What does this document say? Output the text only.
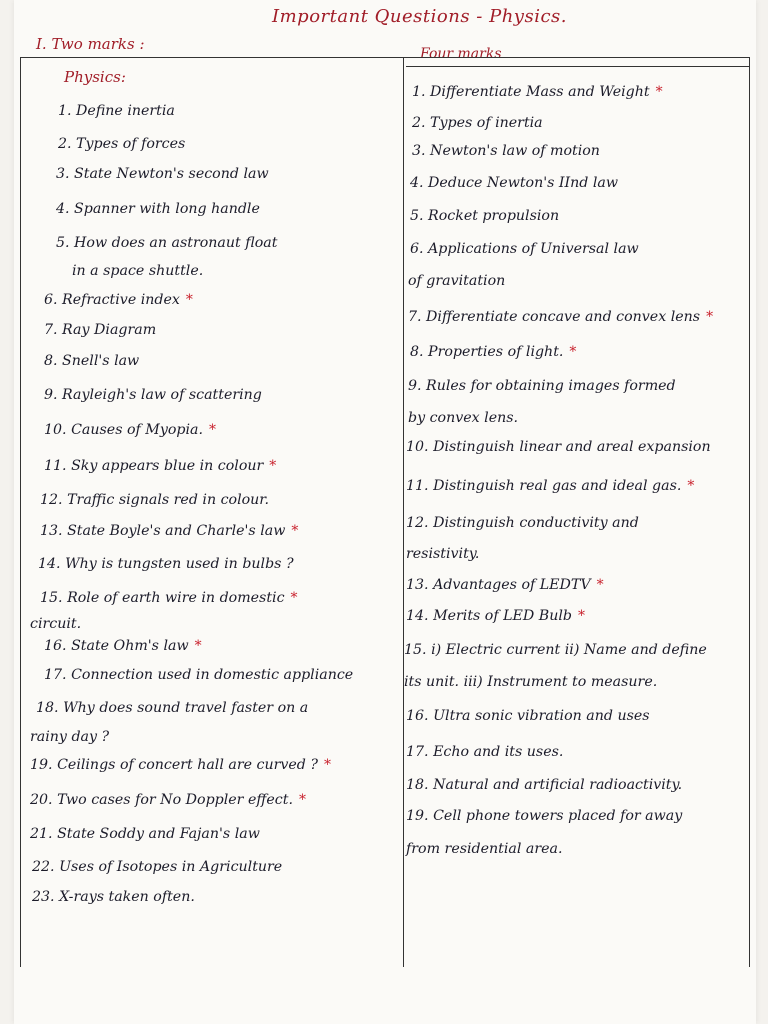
Important Questions - Physics.
I. Two marks :
Four marks
Physics:
1. Define inertia
2. Types of forces
3. State Newton's second law
4. Spanner with long handle
5. How does an astronaut float
in a space shuttle.
6. Refractive index *
7. Ray Diagram
8. Snell's law
9. Rayleigh's law of scattering
10. Causes of Myopia. *
11. Sky appears blue in colour *
12. Traffic signals red in colour.
13. State Boyle's and Charle's law *
14. Why is tungsten used in bulbs ?
15. Role of earth wire in domestic *
circuit.
16. State Ohm's law *
17. Connection used in domestic appliance
18. Why does sound travel faster on a
rainy day ?
19. Ceilings of concert hall are curved ? *
20. Two cases for No Doppler effect. *
21. State Soddy and Fajan's law
22. Uses of Isotopes in Agriculture
23. X-rays taken often.
1. Differentiate Mass and Weight *
2. Types of inertia
3. Newton's law of motion
4. Deduce Newton's IInd law
5. Rocket propulsion
6. Applications of Universal law
of gravitation
7. Differentiate concave and convex lens *
8. Properties of light. *
9. Rules for obtaining images formed
by convex lens.
10. Distinguish linear and areal expansion
11. Distinguish real gas and ideal gas. *
12. Distinguish conductivity and
resistivity.
13. Advantages of LEDTV *
14. Merits of LED Bulb *
15. i) Electric current ii) Name and define
its unit. iii) Instrument to measure.
16. Ultra sonic vibration and uses
17. Echo and its uses.
18. Natural and artificial radioactivity.
19. Cell phone towers placed for away
from residential area.
